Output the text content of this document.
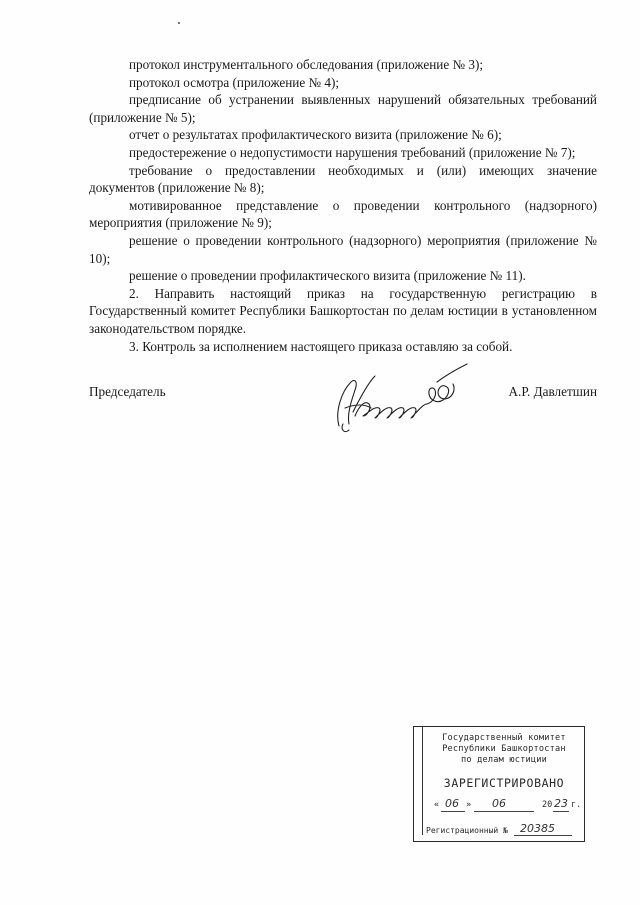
протокол инструментального обследования (приложение № 3);

протокол осмотра (приложение № 4);

предписание об устранении выявленных нарушений обязательных требований (приложение № 5);

отчет о результатах профилактического визита (приложение № 6);

предостережение о недопустимости нарушения требований (приложение № 7);

требование о предоставлении необходимых и (или) имеющих значение документов (приложение № 8);

мотивированное представление о проведении контрольного (надзорного) мероприятия (приложение № 9);

решение о проведении контрольного (надзорного) мероприятия (приложение № 10);

решение о проведении профилактического визита (приложение № 11).

2. Направить настоящий приказ на государственную регистрацию в Государственный комитет Республики Башкортостан по делам юстиции в установленном законодательством порядке.

3. Контроль за исполнением настоящего приказа оставляю за собой.

Председатель	А.Р. Давлетшин
Государственный комитет
Республики Башкортостан
по делам юстиции
ЗАРЕГИСТРИРОВАНО
« 06 » 06	20 23 г.
Регистрационный № 20385
